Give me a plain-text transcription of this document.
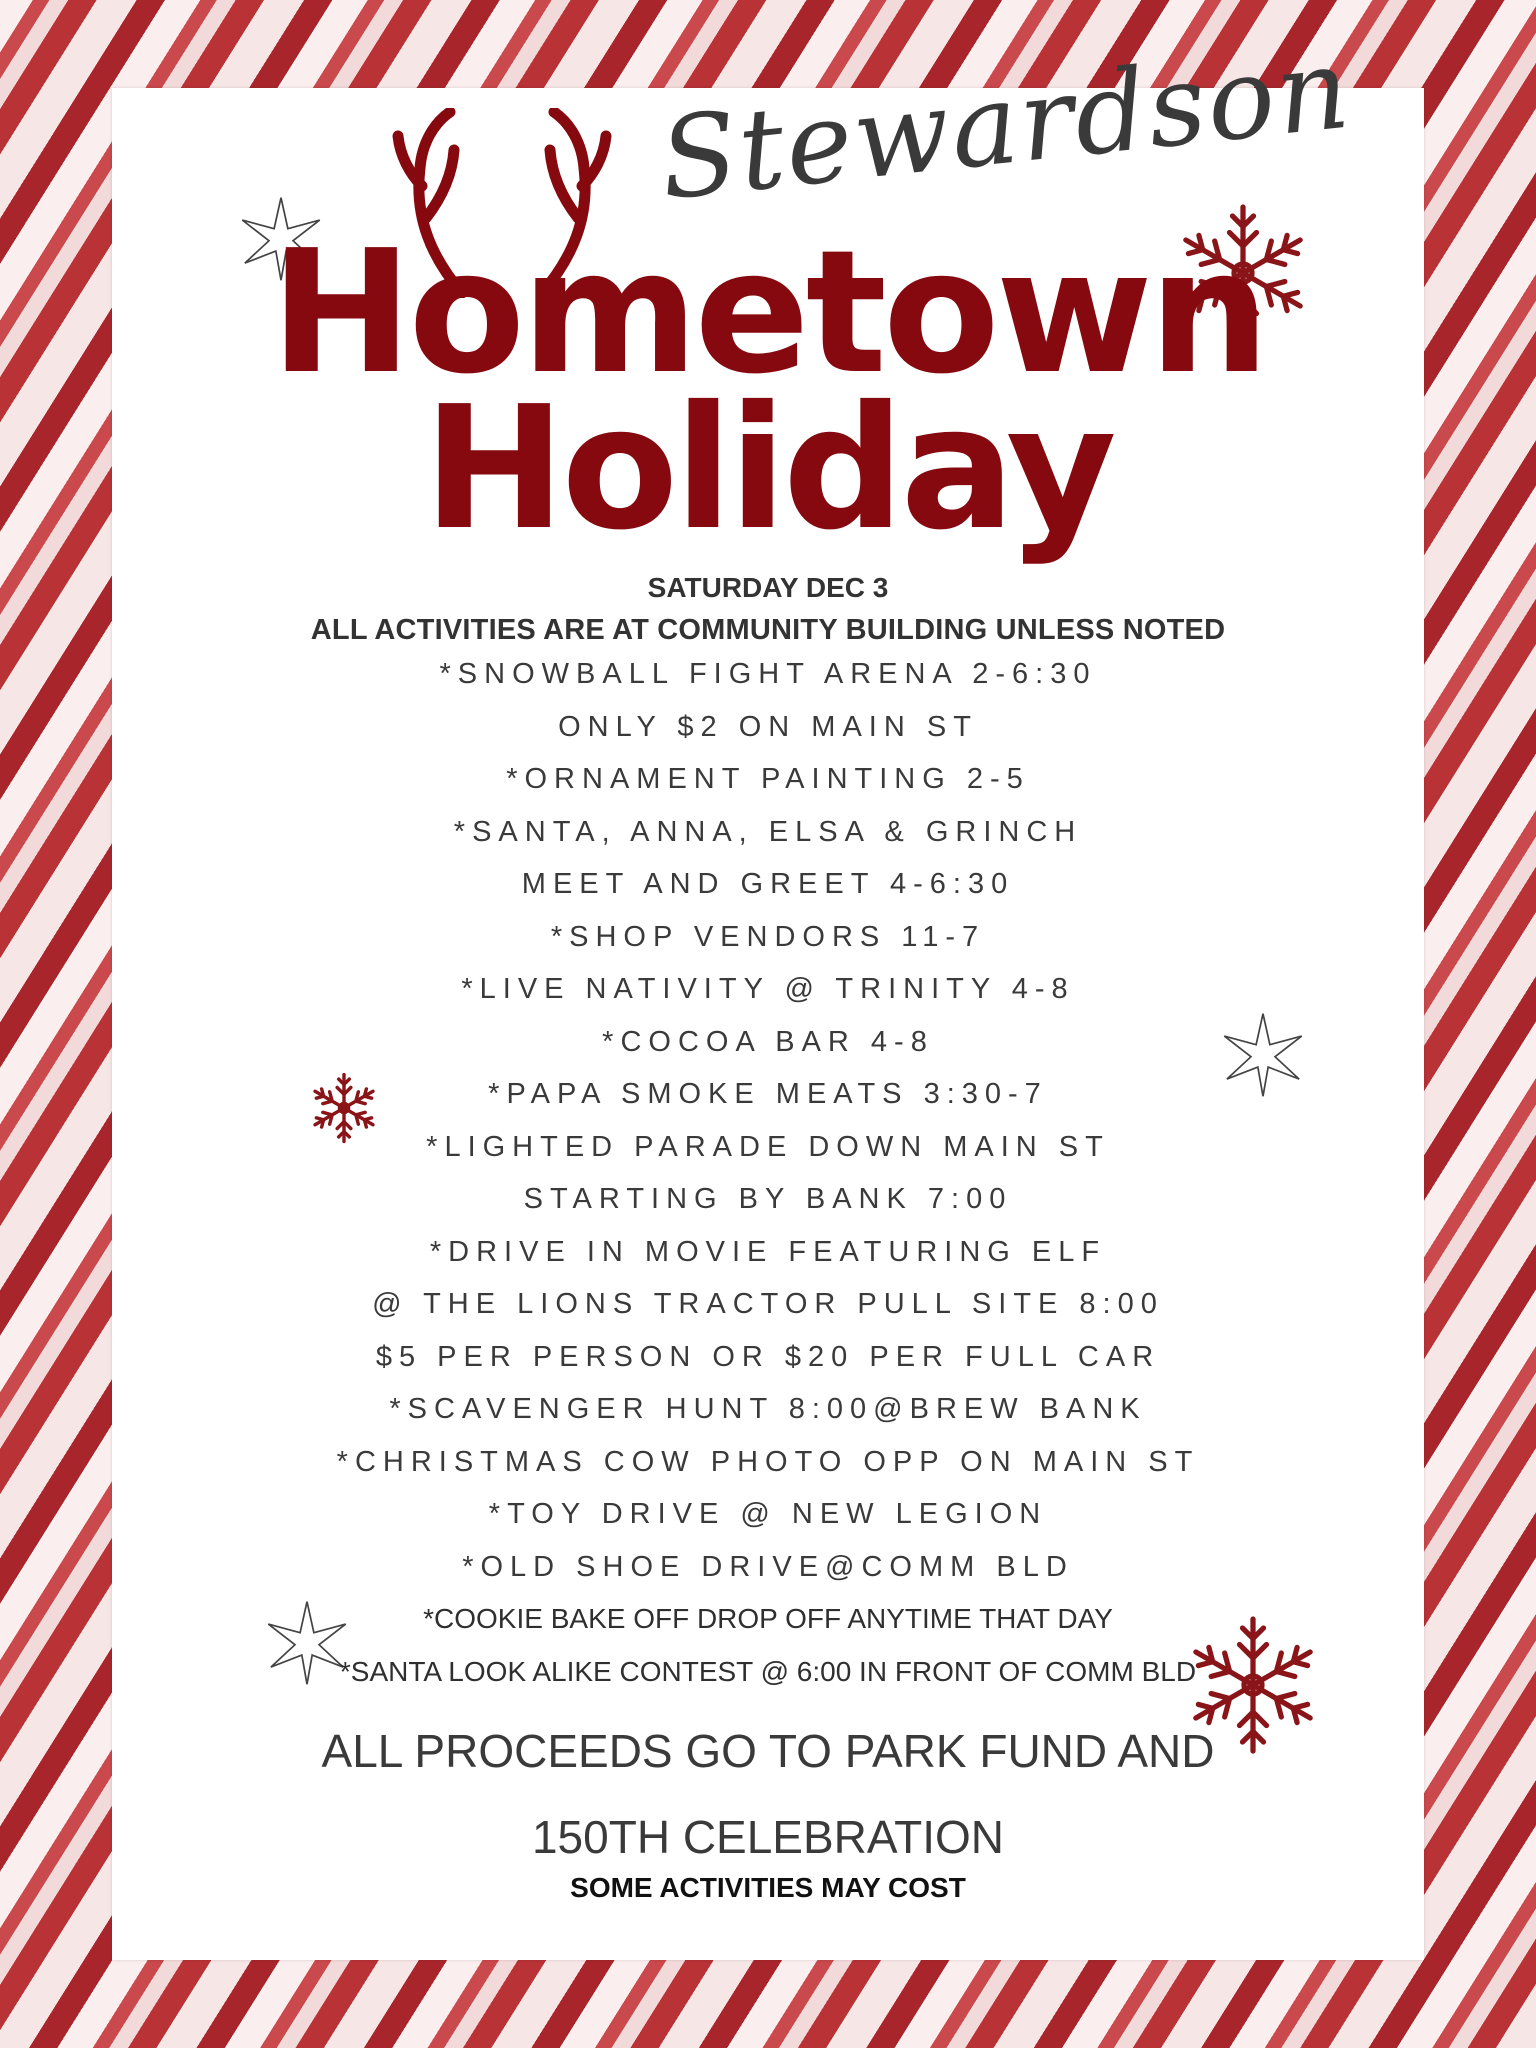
Stewardson
Hometown
Holiday
SATURDAY DEC 3
ALL ACTIVITIES ARE AT COMMUNITY BUILDING UNLESS NOTED
*SNOWBALL FIGHT ARENA 2-6:30
ONLY $2 ON MAIN ST
*ORNAMENT PAINTING 2-5
*SANTA, ANNA, ELSA & GRINCH
MEET AND GREET 4-6:30
*SHOP VENDORS 11-7
*LIVE NATIVITY @ TRINITY 4-8
*COCOA BAR 4-8
*PAPA SMOKE MEATS 3:30-7
*LIGHTED PARADE DOWN MAIN ST
STARTING BY BANK 7:00
*DRIVE IN MOVIE FEATURING ELF
@ THE LIONS TRACTOR PULL SITE 8:00
$5 PER PERSON OR $20 PER FULL CAR
*SCAVENGER HUNT 8:00@BREW BANK
*CHRISTMAS COW PHOTO OPP ON MAIN ST
*TOY DRIVE @ NEW LEGION
*OLD SHOE DRIVE@COMM BLD
*COOKIE BAKE OFF DROP OFF ANYTIME THAT DAY
*SANTA LOOK ALIKE CONTEST @ 6:00 IN FRONT OF COMM BLD
ALL PROCEEDS GO TO PARK FUND AND
150TH CELEBRATION
SOME ACTIVITIES MAY COST
